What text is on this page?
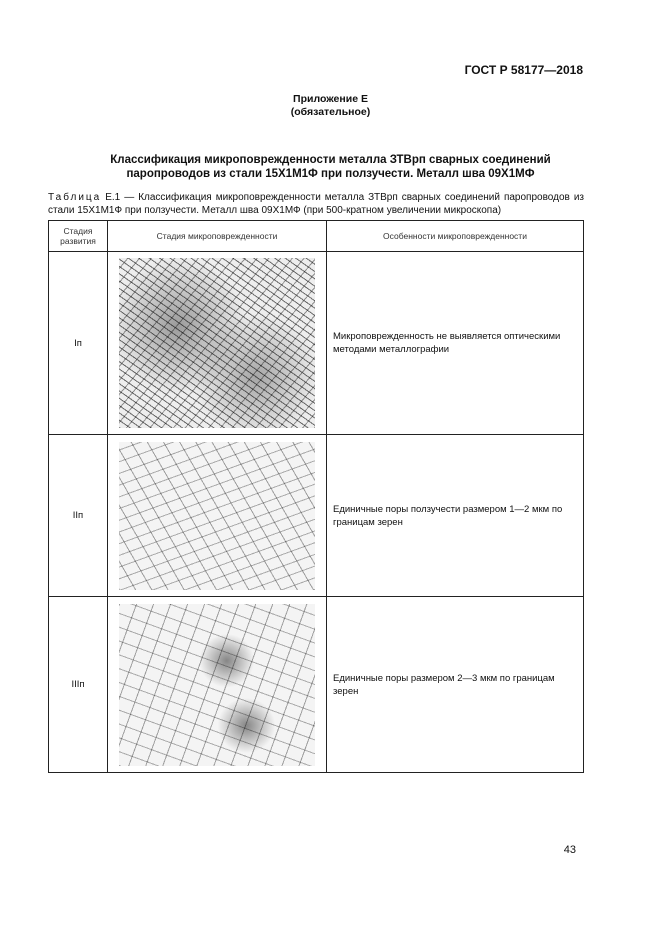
ГОСТ Р 58177—2018
Приложение Е
(обязательное)
Классификация микроповрежденности металла ЗТВрп сварных соединений
паропроводов из стали 15Х1М1Ф при ползучести. Металл шва 09Х1МФ
Таблица Е.1 — Классификация микроповрежденности металла ЗТВрп сварных соединений паропроводов из стали 15Х1М1Ф при ползучести. Металл шва 09Х1МФ (при 500-кратном увеличении микроскопа)
Стадия развития	Стадия микроповрежденности	Особенности микроповрежденности
Iп		Микроповрежденность не выявляется оптическими методами металлографии
IIп		Единичные поры ползучести размером 1—2 мкм по границам зерен
IIIп		Единичные поры размером 2—3 мкм по границам зерен
43
